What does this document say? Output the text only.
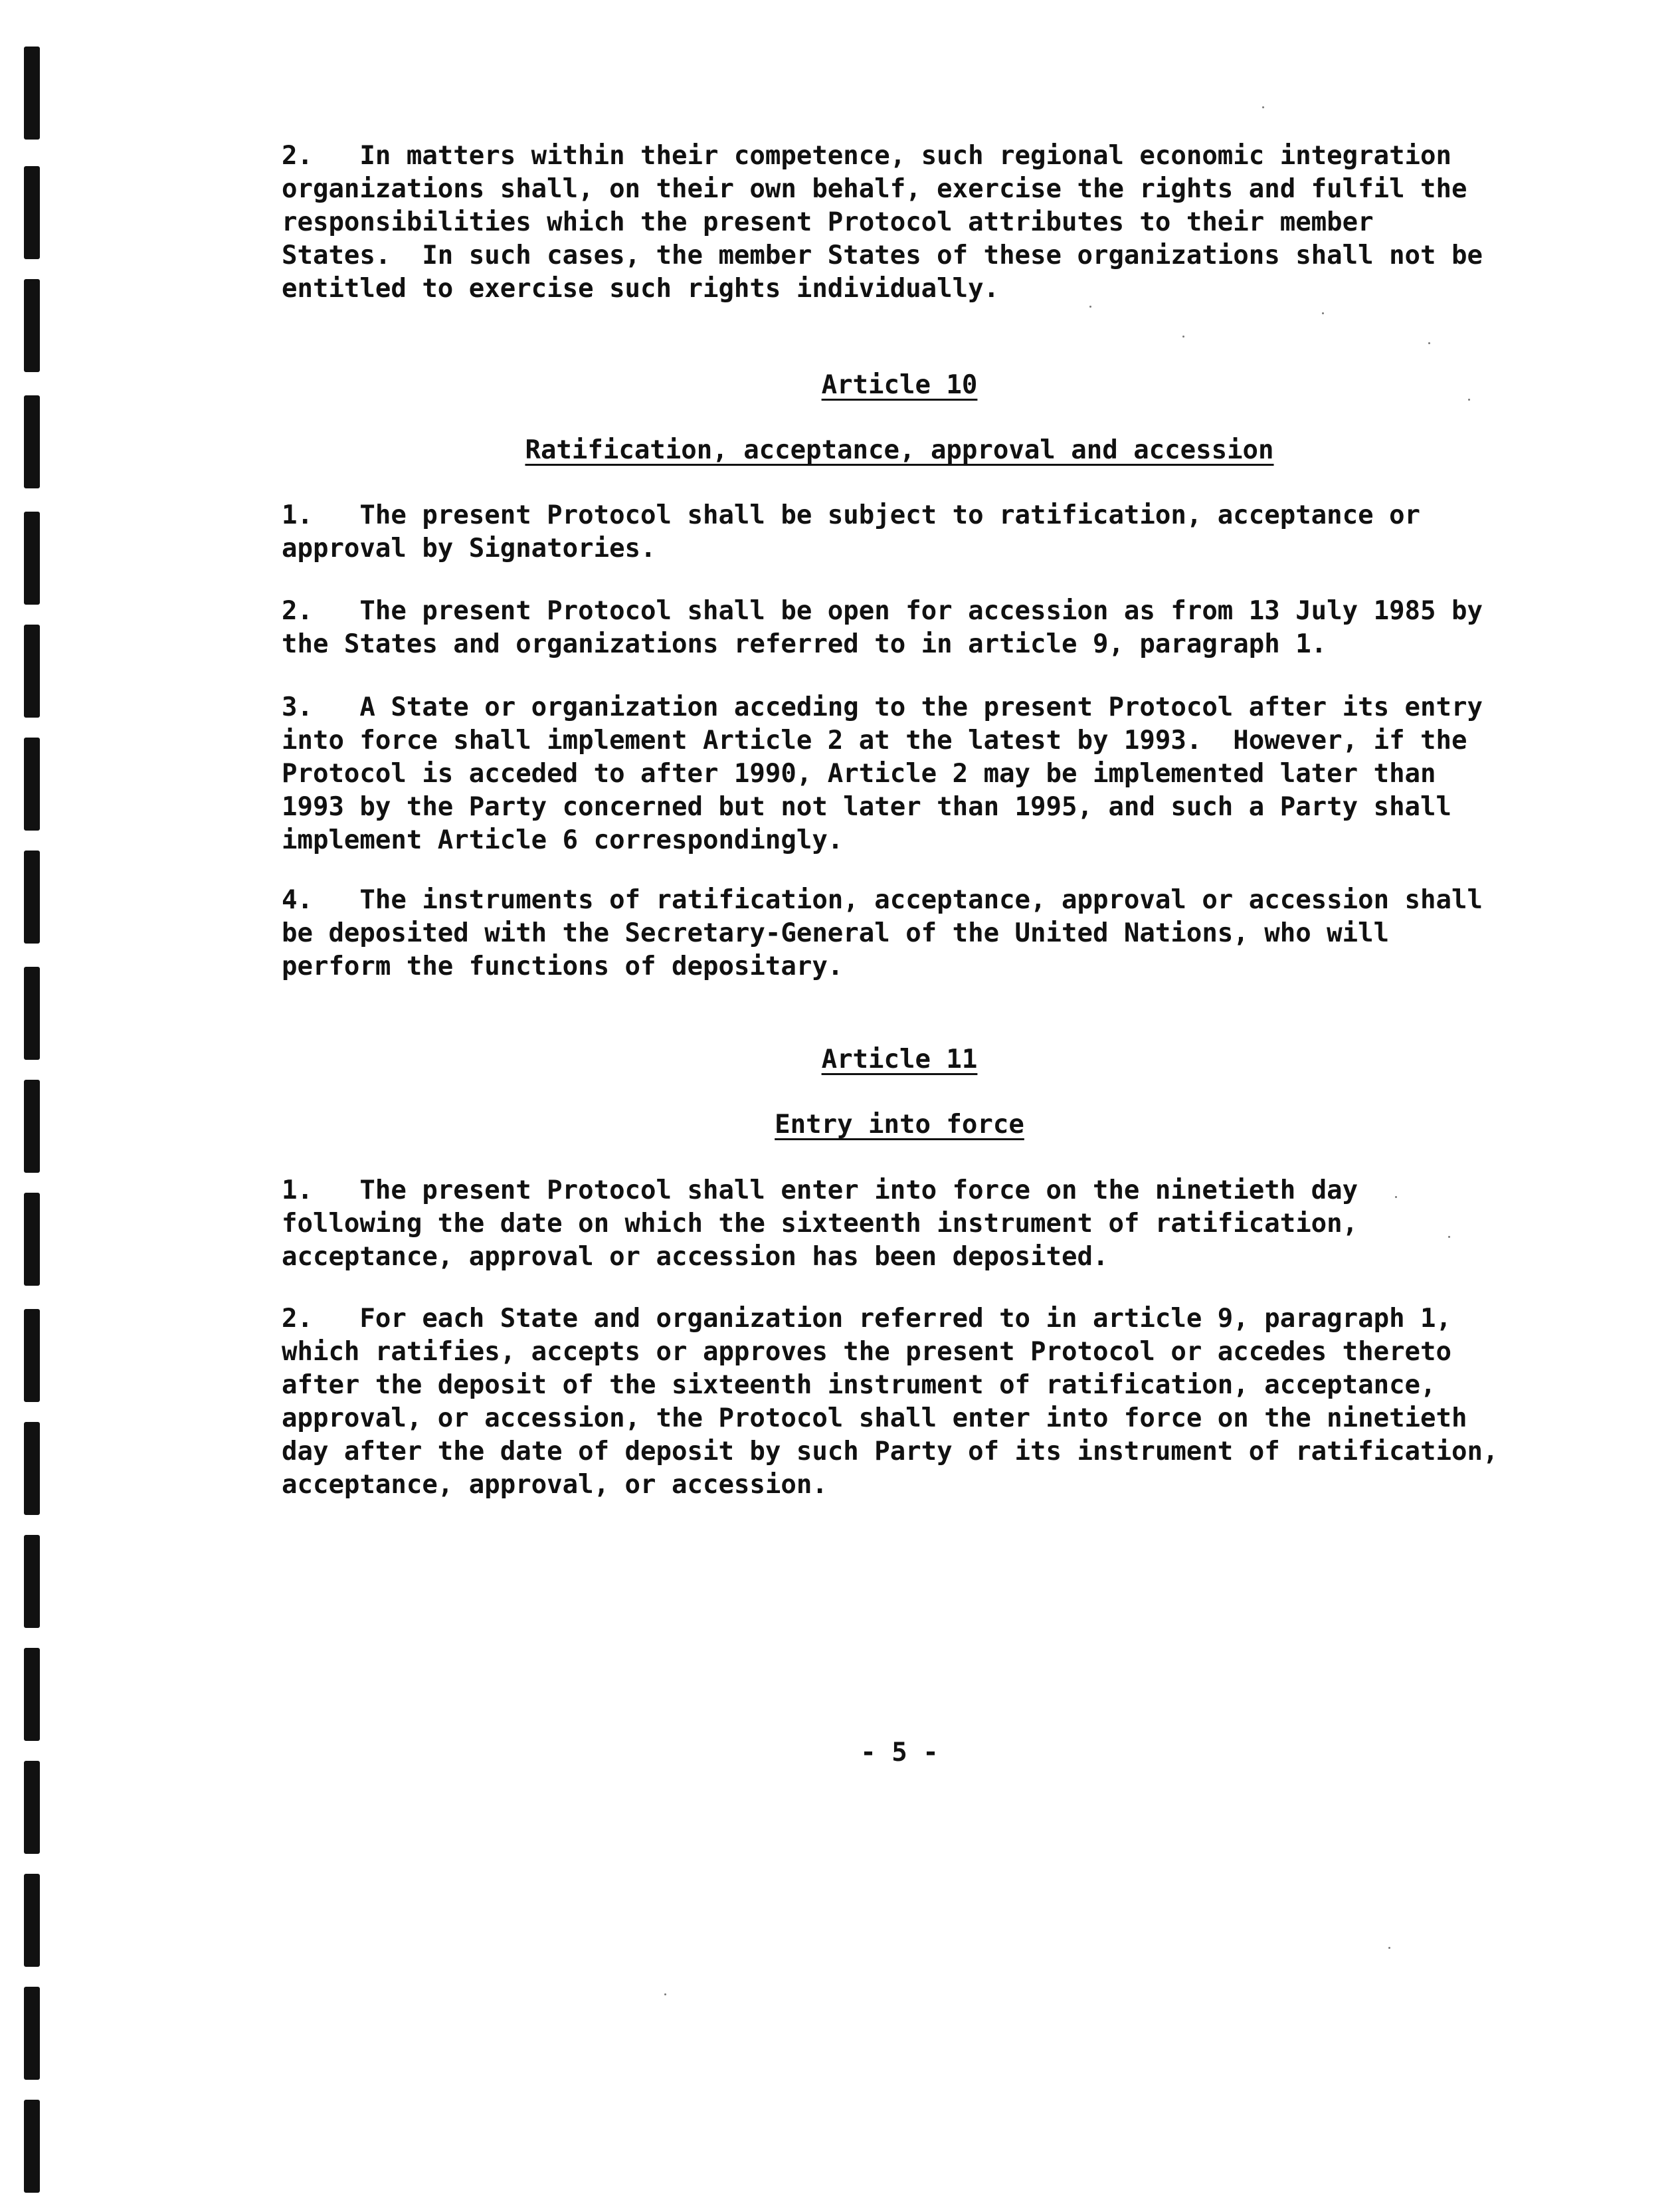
2.   In matters within their competence, such regional economic integration
organizations shall, on their own behalf, exercise the rights and fulfil the
responsibilities which the present Protocol attributes to their member
States.  In such cases, the member States of these organizations shall not be
entitled to exercise such rights individually.

Article 10
Ratification, acceptance, approval and accession

1.   The present Protocol shall be subject to ratification, acceptance or
approval by Signatories.

2.   The present Protocol shall be open for accession as from 13 July 1985 by
the States and organizations referred to in article 9, paragraph 1.

3.   A State or organization acceding to the present Protocol after its entry
into force shall implement Article 2 at the latest by 1993.  However, if the
Protocol is acceded to after 1990, Article 2 may be implemented later than
1993 by the Party concerned but not later than 1995, and such a Party shall
implement Article 6 correspondingly.

4.   The instruments of ratification, acceptance, approval or accession shall
be deposited with the Secretary-General of the United Nations, who will
perform the functions of depositary.

Article 11
Entry into force

1.   The present Protocol shall enter into force on the ninetieth day
following the date on which the sixteenth instrument of ratification,
acceptance, approval or accession has been deposited.

2.   For each State and organization referred to in article 9, paragraph 1,
which ratifies, accepts or approves the present Protocol or accedes thereto
after the deposit of the sixteenth instrument of ratification, acceptance,
approval, or accession, the Protocol shall enter into force on the ninetieth
day after the date of deposit by such Party of its instrument of ratification,
acceptance, approval, or accession.

- 5 -
